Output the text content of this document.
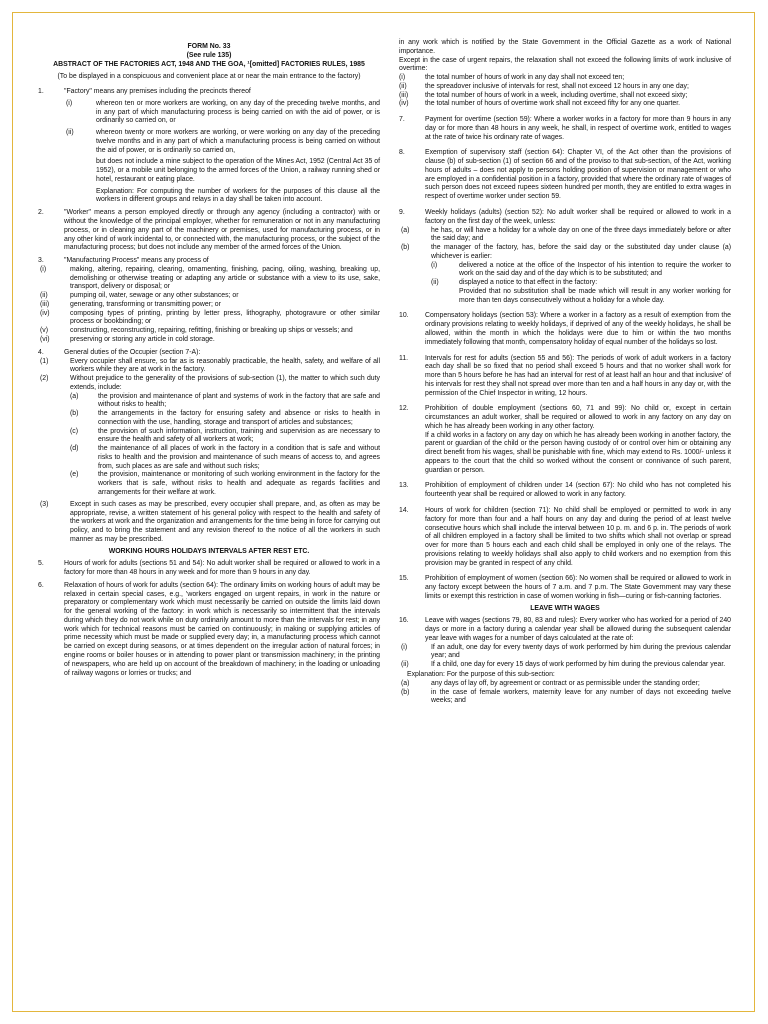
FORM No. 33

(See rule 135)

ABSTRACT OF THE FACTORIES ACT, 1948 AND THE GOA, ¹[omitted] FACTORIES RULES, 1985

(To be displayed in a conspicuous and convenient place at or near the main entrance to the factory)

1.	"Factory" means any premises including the precincts thereof
(i)	whereon ten or more workers are working, on any day of the preceding twelve months, and in any part of which manufacturing process is being carried on with the aid of power, or is ordinarily so carried on, or
(ii)	whereon twenty or more workers are working, or were working on any day of the preceding twelve months and in any part of which a manufacturing process is being carried on without the aid of power, or is ordinarily so carried on,
but does not include a mine subject to the operation of the Mines Act, 1952 (Central Act 35 of 1952), or a mobile unit belonging to the armed forces of the Union, a railway running shed or hotel, restaurant or eating place.
Explanation: For computing the number of workers for the purposes of this clause all the workers in different groups and relays in a day shall be taken into account.
2.	"Worker" means a person employed directly or through any agency (including a contractor) with or without the knowledge of the principal employer, whether for remuneration or not in any manufacturing process, or in cleaning any part of the machinery or premises, used for manufacturing process, or in any other kind of work incidental to, or connected with, the manufacturing process, or the subject of the manufacturing process; but does not include any member of the armed forces of the Union.
3.	"Manufacturing Process" means any process of
(i)	making, altering, repairing, clearing, ornamenting, finishing, pacing, oiling, washing, breaking up, demolishing or otherwise treating or adapting any article or substance with a view to its use, sake, transport, delivery or disposal; or
(ii)	pumping oil, water, sewage or any other substances; or
(iii)	generating, transforming or transmitting power; or
(iv)	composing types of printing, printing by letter press, lithography, photogravure or other similar process or bookbinding; or
(v)	constructing, reconstructing, repairing, refitting, finishing or breaking up ships or vessels; and
(vi)	preserving or storing any article in cold storage.
4.	General duties of the Occupier (section 7-A):
(1)	Every occupier shall ensure, so far as is reasonably practicable, the health, safety, and welfare of all workers while they are at work in the factory.
(2)	Without prejudice to the generality of the provisions of sub-section (1), the matter to which such duty extends, include:
(a)	the provision and maintenance of plant and systems of work in the factory that are safe and without risks to health;
(b)	the arrangements in the factory for ensuring safety and absence or risks to health in connection with the use, handling, storage and transport of articles and substances;
(c)	the provision of such information, instruction, training and supervision as are necessary to ensure the health and safety of all workers at work;
(d)	the maintenance of all places of work in the factory in a condition that is safe and without risks to health and the provision and maintenance of such means of access to, and agrees from, such places as are safe and without such risks;
(e)	the provision, maintenance or monitoring of such working environment in the factory for the workers that is safe, without risks to health and adequate as regards facilities and arrangements for their welfare at work.
(3)	Except in such cases as may be prescribed, every occupier shall prepare, and, as often as may be appropriate, revise, a written statement of his general policy with respect to the health and safety of the workers at work and the organization and arrangements for the time being in force for carrying out policy, and to bring the statement and any revision thereof to the notice of all the workers in such manner as may be prescribed.

WORKING HOURS HOLIDAYS INTERVALS AFTER REST ETC.

5.	Hours of work for adults (sections 51 and 54): No adult worker shall be required or allowed to work in a factory for more than 48 hours in any week and for more than 9 hours in any day.
6.	Relaxation of hours of work for adults (section 64): The ordinary limits on working hours of adult may be relaxed in certain special cases, e.g., 'workers engaged on urgent repairs, in work in the nature or preparatory or complementary work which must necessarily be carried on outside the limits laid down for the general working of the factory: in work which is necessarily so intermittent that the intervals during which they do not work while on duty ordinarily amount to more than the intervals for rest; in any work which for technical reasons must be carried on continuously; in making or supplying articles of prime necessity which must be made or supplied every day; in, a manufacturing process which cannot be carried on except during seasons, or at times dependent on the irregular action of natural forces; in engine rooms or boiler houses or in attending to power plant or transmission machinery; in the printing of newspapers, who are held up on account of the breakdown of machinery; in the loading or unloading of railway wagons or lorries or trucks; and
in any work which is notified by the State Government in the Official Gazette as a work of National importance.
Except in the case of urgent repairs, the relaxation shall not exceed the following limits of work inclusive of overtime:
(i)	the total number of hours of work in any day shall not exceed ten;
(ii)	the spreadover inclusive of intervals for rest, shall not exceed 12 hours in any one day;
(iii) the total number of hours of work in a week, including overtime, shall not exceed sixty;
(iv) the total number of hours of overtime work shall not exceed fifty for any one quarter.
7.	Payment for overtime (section 59): Where a worker works in a factory for more than 9 hours in any day or for more than 48 hours in any week, he shall, in respect of overtime work, entitled to wages at the rate of twice his ordinary rate of wages.
8.	Exemption of supervisory staff (section 64): Chapter VI, of the Act other than the provisions of clause (b) of sub-section (1) of section 66 and of the proviso to that sub-section, of the Act, working hours of adults – does not apply to persons holding position of supervision or management or who are employed in a confidential position in a factory, provided that where the ordinary rate of wages of such person does not exceed rupees sixteen hundred per month, they are entitled to extra wages in respect of overtime worker under section 59.
9.	Weekly holidays (adults) (section 52): No adult worker shall be required or allowed to work in a factory on the first day of the week, unless:
(a)	he has, or will have a holiday for a whole day on one of the three days immediately before or after the said day; and
(b)	the manager of the factory, has, before the said day or the substituted day under clause (a) whichever is earlier:
(i)	delivered a notice at the office of the Inspector of his intention to require the worker to work on the said day and of the day which is to be substituted; and
(ii)	displayed a notice to that effect in the factory:
Provided that no substitution shall be made which will result in any worker working for more than ten days consecutively without a holiday for a whole day.
10. Compensatory holidays (section 53): Where a worker in a factory as a result of exemption from the ordinary provisions relating to weekly holidays, if deprived of any of the weekly holidays, he shall be allowed, within the month in which the holidays were due to him or within the two months immediately following that month, compensatory holiday of equal number of the holidays so lost.
11. Intervals for rest for adults (section 55 and 56): The periods of work of adult workers in a factory each day shall be so fixed that no period shall exceed 5 hours and that no worker shall work for more than 5 hours before he has had an interval for rest of at least half an hour and that inclusive' of his intervals for rest they shall not spread over more than ten and a half hours in any day or, with the permission of the Chief Inspector in writing, 12 hours.
12. Prohibition of double employment (sections 60, 71 and 99): No child or, except in certain circumstances an adult worker, shall be required or allowed to work in any factory on any day on which he has already been working in any other factory.
If a child works in a factory on any day on which he has already been working in another factory, the parent or guardian of the child or the person having custody of or control over him or obtaining any direct benefit from his wages, shall be punishable with fine, which may extend to Rs. 1000/- unless it appears to the court that the child so worked without the consent or connivance of such parent, guardian or person.
13. Prohibition of employment of children under 14 (section 67): No child who has not completed his fourteenth year shall be required or allowed to work in any factory.
14. Hours of work for children (section 71): No child shall be employed or permitted to work in any factory for more than four and a half hours on any day and during the period of at least twelve consecutive hours which shall include the interval between 10 p. m. and 6 p. in. The periods of work of all children employed in a factory shall be limited to two shifts which shall not overlap or spread over for more than 5 hours each and each child shall be employed in only one of the relays. The provisions relating to weekly holidays shall also apply to child workers and no exemption from this provision may be granted in respect of any child.
15. Prohibition of employment of women (section 66): No women shall be required or allowed to work in any factory except between the hours of 7 a.m. and 7 p.m. The State Government may vary these limits or exempt this restriction in case of women working in fish—curing or fish-canning factories.

LEAVE WITH WAGES

16. Leave with wages (sections 79, 80, 83 and rules): Every worker who has worked for a period of 240 days or more in a factory during a calendar year shall be allowed during the subsequent calendar year leave with wages for a number of days calculated at the rate of:
(i)	If an adult, one day for every twenty days of work performed by him during the previous calendar year; and
(ii)	If a child, one day for every 15 days of work performed by him during the previous calendar year.
Explanation: For the purpose of this sub-section:
(a)	any days of lay off, by agreement or contract or as permissible under the standing order;
(b)	in the case of female workers, maternity leave for any number of days not exceeding twelve weeks; and
